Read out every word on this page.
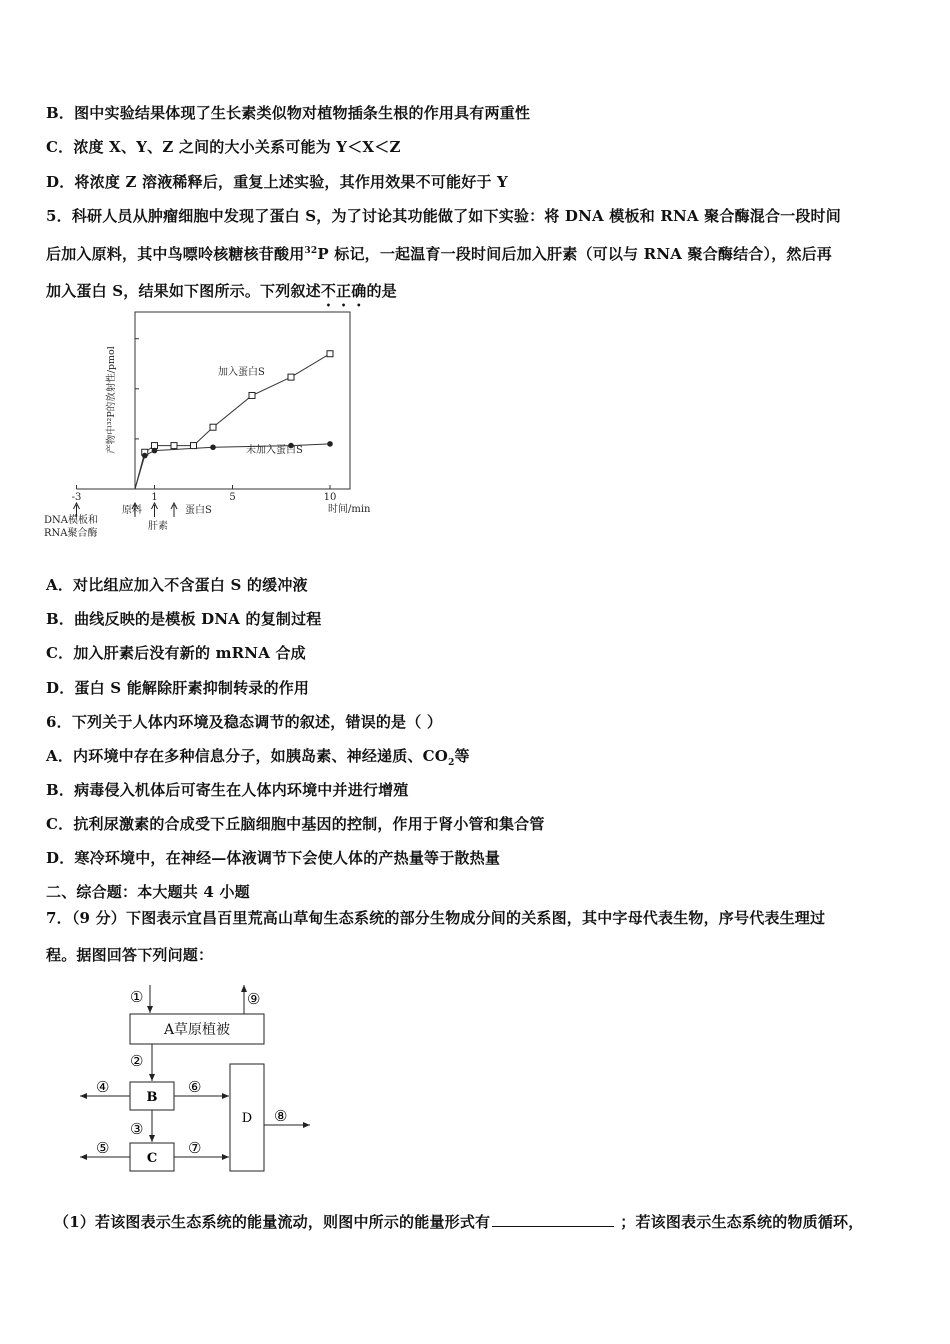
B．图中实验结果体现了生长素类似物对植物插条生根的作用具有两重性
C．浓度 X、Y、Z 之间的大小关系可能为 Y＜X＜Z
D．将浓度 Z 溶液稀释后，重复上述实验，其作用效果不可能好于 Y
5．科研人员从肿瘤细胞中发现了蛋白 S，为了讨论其功能做了如下实验：将 DNA 模板和 RNA 聚合酶混合一段时间
后加入原料，其中鸟嘌呤核糖核苷酸用$^{32}$P 标记，一起温育一段时间后加入肝素（可以与 RNA 聚合酶结合），然后再
加入蛋白 S，结果如下图所示。下列叙述不正确的是
-3	1	5	10
产物中³²P的放射性/pmol
时间/min
加入蛋白S
未加入蛋白S
DNA模板和
RNA聚合酶
原料
肝素
蛋白S
A．对比组应加入不含蛋白 S 的缓冲液
B．曲线反映的是模板 DNA 的复制过程
C．加入肝素后没有新的 mRNA 合成
D．蛋白 S 能解除肝素抑制转录的作用
6．下列关于人体内环境及稳态调节的叙述，错误的是（ ）
A．内环境中存在多种信息分子，如胰岛素、神经递质、$CO_2$等
B．病毒侵入机体后可寄生在人体内环境中并进行增殖
C．抗利尿激素的合成受下丘脑细胞中基因的控制，作用于肾小管和集合管
D．寒冷环境中，在神经—体液调节下会使人体的产热量等于散热量
二、综合题：本大题共 4 小题
7．（9 分）下图表示宜昌百里荒高山草甸生态系统的部分生物成分间的关系图，其中字母代表生物，序号代表生理过
程。据图回答下列问题：
A草原植被
B
C
D
①	⑨
②
③
④
⑤
⑥
⑦
⑧
（1）若该图表示生态系统的能量流动，则图中所示的能量形式有	；若该图表示生态系统的物质循环，
